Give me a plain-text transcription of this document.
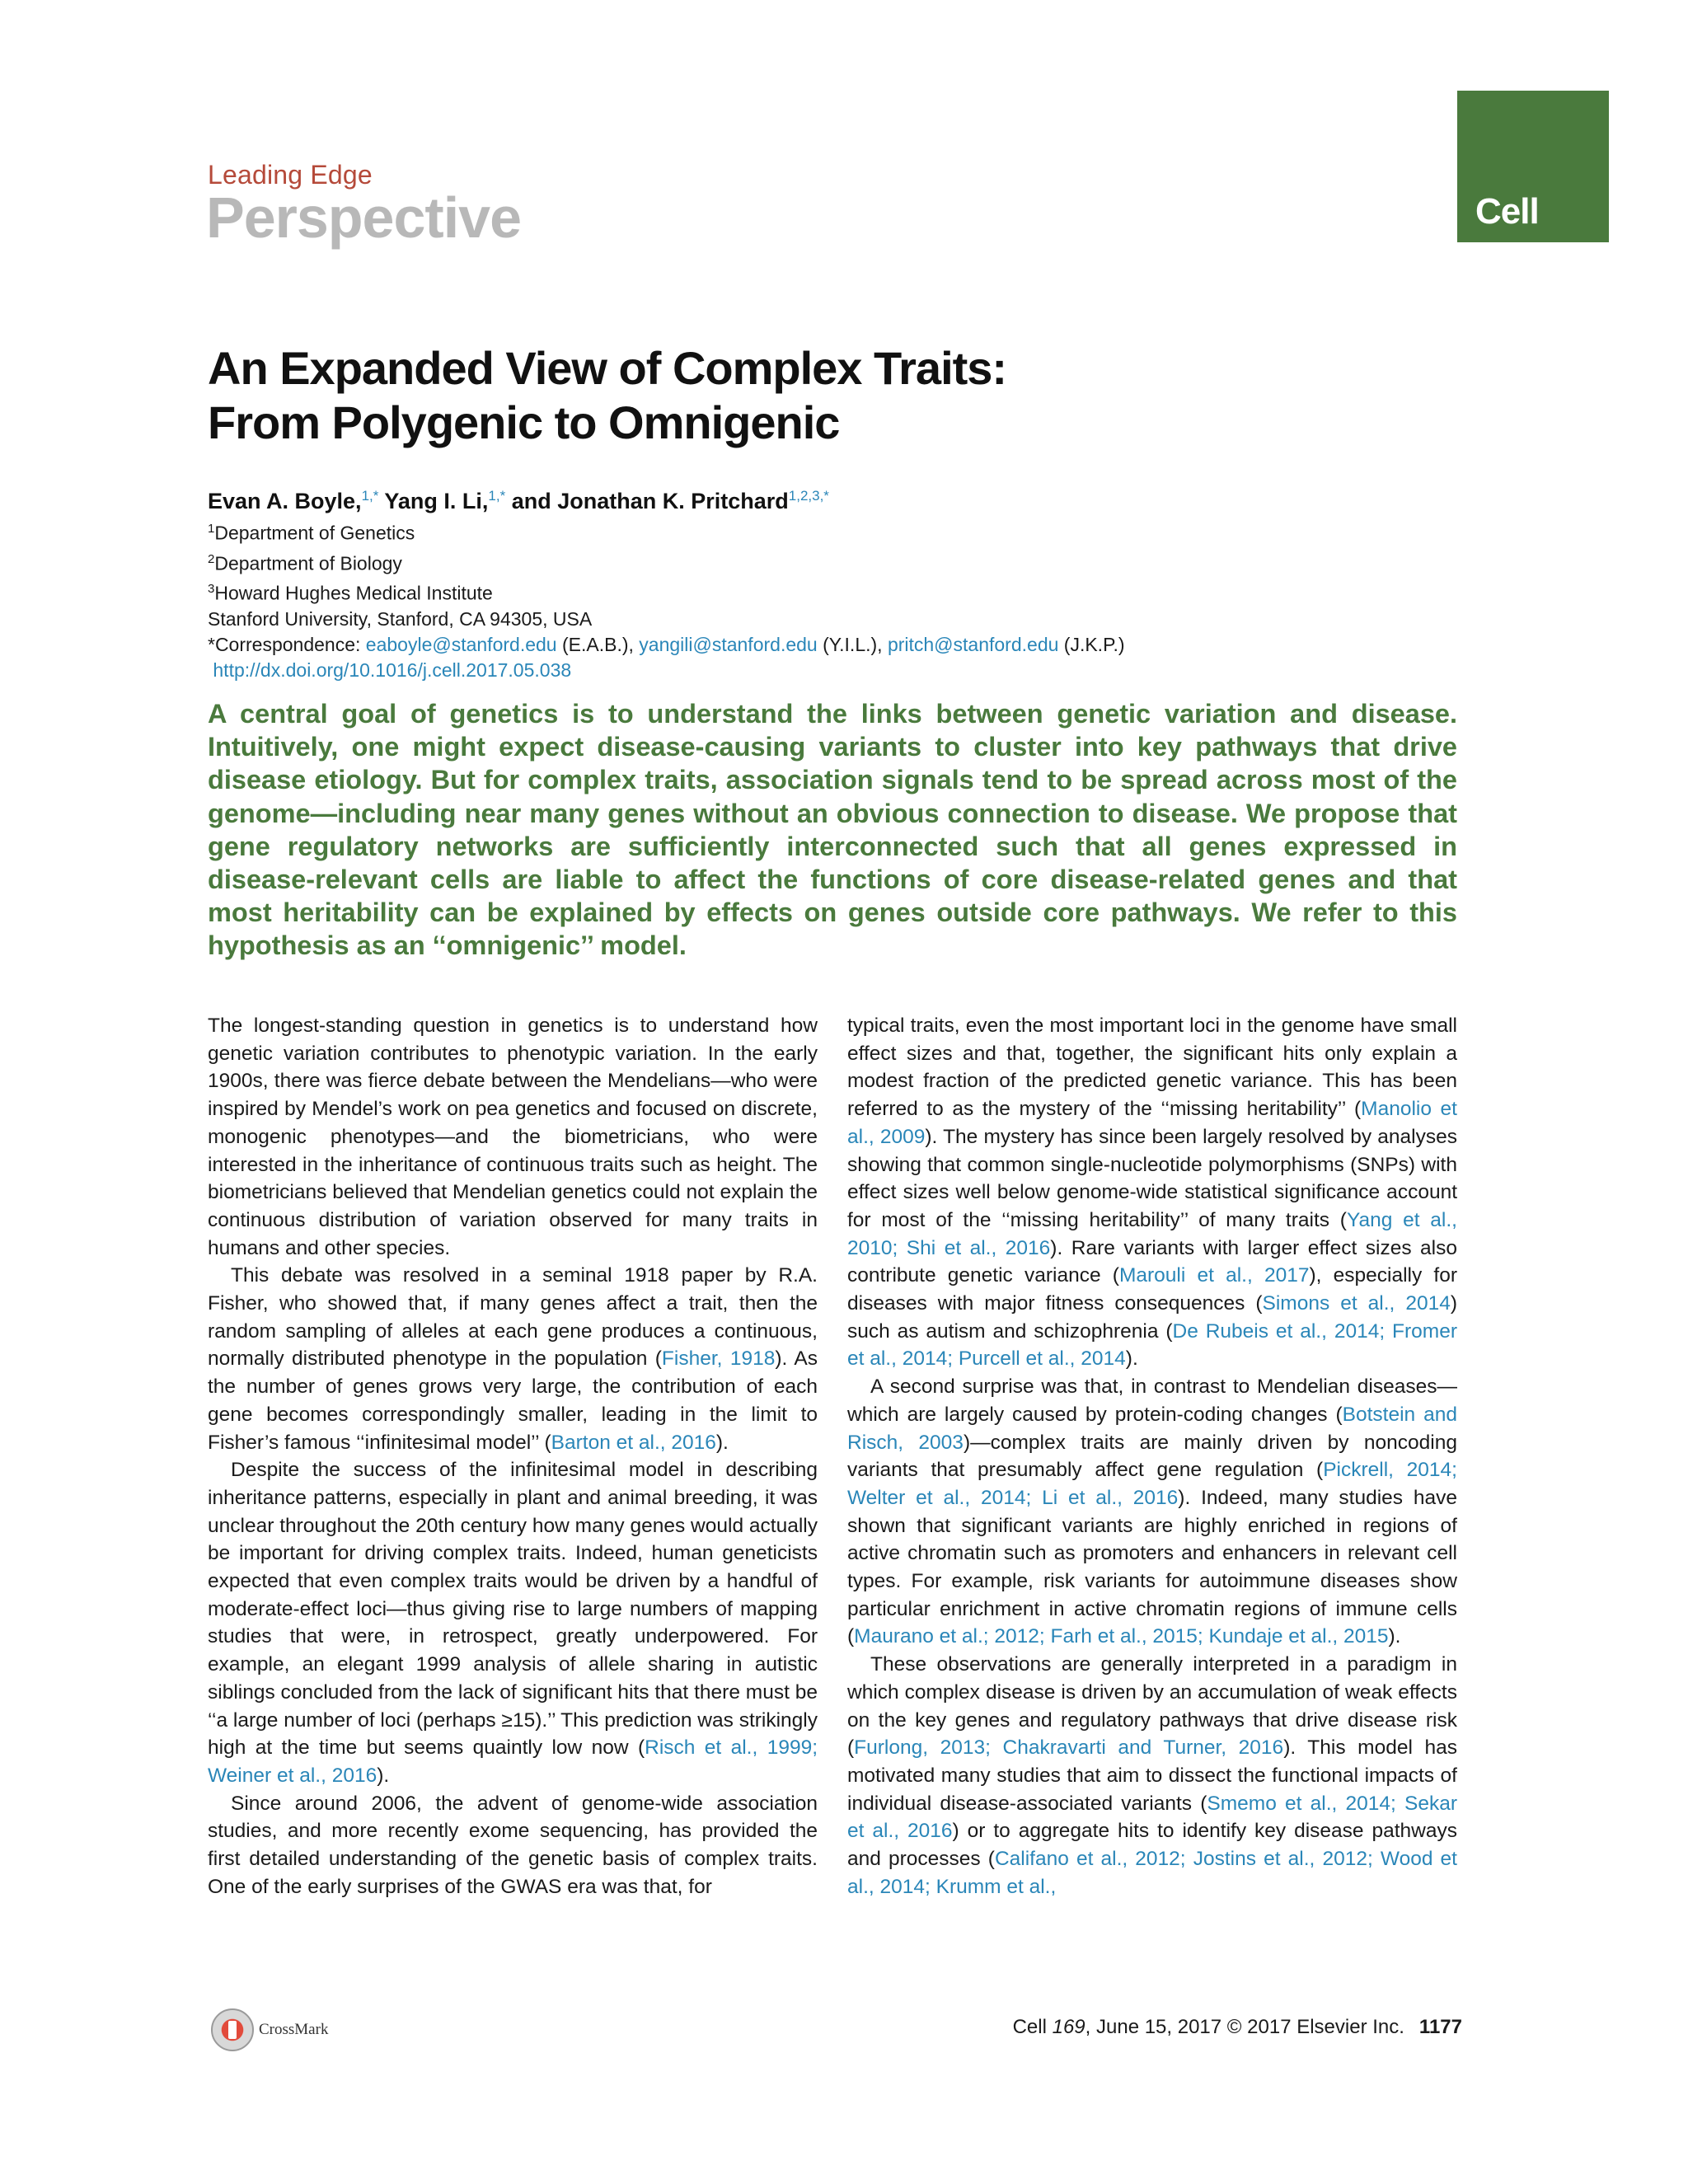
Leading Edge
Perspective	Cell
An Expanded View of Complex Traits:
From Polygenic to Omnigenic
Evan A. Boyle,$^{1,*}$ Yang I. Li,$^{1,*}$ and Jonathan K. Pritchard$^{1,2,3,*}$
$^1$Department of Genetics
$^2$Department of Biology
$^3$Howard Hughes Medical Institute
Stanford University, Stanford, CA 94305, USA
*Correspondence: eaboyle@stanford.edu (E.A.B.), yangili@stanford.edu (Y.I.L.), pritch@stanford.edu (J.K.P.)
http://dx.doi.org/10.1016/j.cell.2017.05.038

A central goal of genetics is to understand the links between genetic variation and disease. Intuitively, one might expect disease-causing variants to cluster into key pathways that drive disease etiology. But for complex traits, association signals tend to be spread across most of the genome—including near many genes without an obvious connection to disease. We propose that gene regulatory networks are sufficiently interconnected such that all genes expressed in disease-relevant cells are liable to affect the functions of core disease-related genes and that most heritability can be explained by effects on genes outside core pathways. We refer to this hypothesis as an ‘‘omnigenic’’ model.

The longest-standing question in genetics is to understand how genetic variation contributes to phenotypic variation. In the early 1900s, there was fierce debate between the Mendelians—who were inspired by Mendel’s work on pea genetics and focused on discrete, monogenic phenotypes—and the biometricians, who were interested in the inheritance of continuous traits such as height. The biometricians believed that Mendelian genetics could not explain the continuous distribution of variation observed for many traits in humans and other species.

This debate was resolved in a seminal 1918 paper by R.A. Fisher, who showed that, if many genes affect a trait, then the random sampling of alleles at each gene produces a continuous, normally distributed phenotype in the population (Fisher, 1918). As the number of genes grows very large, the contribution of each gene becomes correspondingly smaller, leading in the limit to Fisher’s famous ‘‘infinitesimal model’’ (Barton et al., 2016).

Despite the success of the infinitesimal model in describing inheritance patterns, especially in plant and animal breeding, it was unclear throughout the 20th century how many genes would actually be important for driving complex traits. Indeed, human geneticists expected that even complex traits would be driven by a handful of moderate-effect loci—thus giving rise to large numbers of mapping studies that were, in retrospect, greatly underpowered. For example, an elegant 1999 analysis of allele sharing in autistic siblings concluded from the lack of significant hits that there must be ‘‘a large number of loci (perhaps ≥15).’’ This prediction was strikingly high at the time but seems quaintly low now (Risch et al., 1999; Weiner et al., 2016).

Since around 2006, the advent of genome-wide association studies, and more recently exome sequencing, has provided the first detailed understanding of the genetic basis of complex traits. One of the early surprises of the GWAS era was that, for

typical traits, even the most important loci in the genome have small effect sizes and that, together, the significant hits only explain a modest fraction of the predicted genetic variance. This has been referred to as the mystery of the ‘‘missing heritability’’ (Manolio et al., 2009). The mystery has since been largely resolved by analyses showing that common single-nucleotide polymorphisms (SNPs) with effect sizes well below genome-wide statistical significance account for most of the ‘‘missing heritability’’ of many traits (Yang et al., 2010; Shi et al., 2016). Rare variants with larger effect sizes also contribute genetic variance (Marouli et al., 2017), especially for diseases with major fitness consequences (Simons et al., 2014) such as autism and schizophrenia (De Rubeis et al., 2014; Fromer et al., 2014; Purcell et al., 2014).

A second surprise was that, in contrast to Mendelian diseases—which are largely caused by protein-coding changes (Botstein and Risch, 2003)—complex traits are mainly driven by noncoding variants that presumably affect gene regulation (Pickrell, 2014; Welter et al., 2014; Li et al., 2016). Indeed, many studies have shown that significant variants are highly enriched in regions of active chromatin such as promoters and enhancers in relevant cell types. For example, risk variants for autoimmune diseases show particular enrichment in active chromatin regions of immune cells (Maurano et al.; 2012; Farh et al., 2015; Kundaje et al., 2015).

These observations are generally interpreted in a paradigm in which complex disease is driven by an accumulation of weak effects on the key genes and regulatory pathways that drive disease risk (Furlong, 2013; Chakravarti and Turner, 2016). This model has motivated many studies that aim to dissect the functional impacts of individual disease-associated variants (Smemo et al., 2014; Sekar et al., 2016) or to aggregate hits to identify key disease pathways and processes (Califano et al., 2012; Jostins et al., 2012; Wood et al., 2014; Krumm et al.,

CrossMark	Cell 169, June 15, 2017 © 2017 Elsevier Inc. 1177
